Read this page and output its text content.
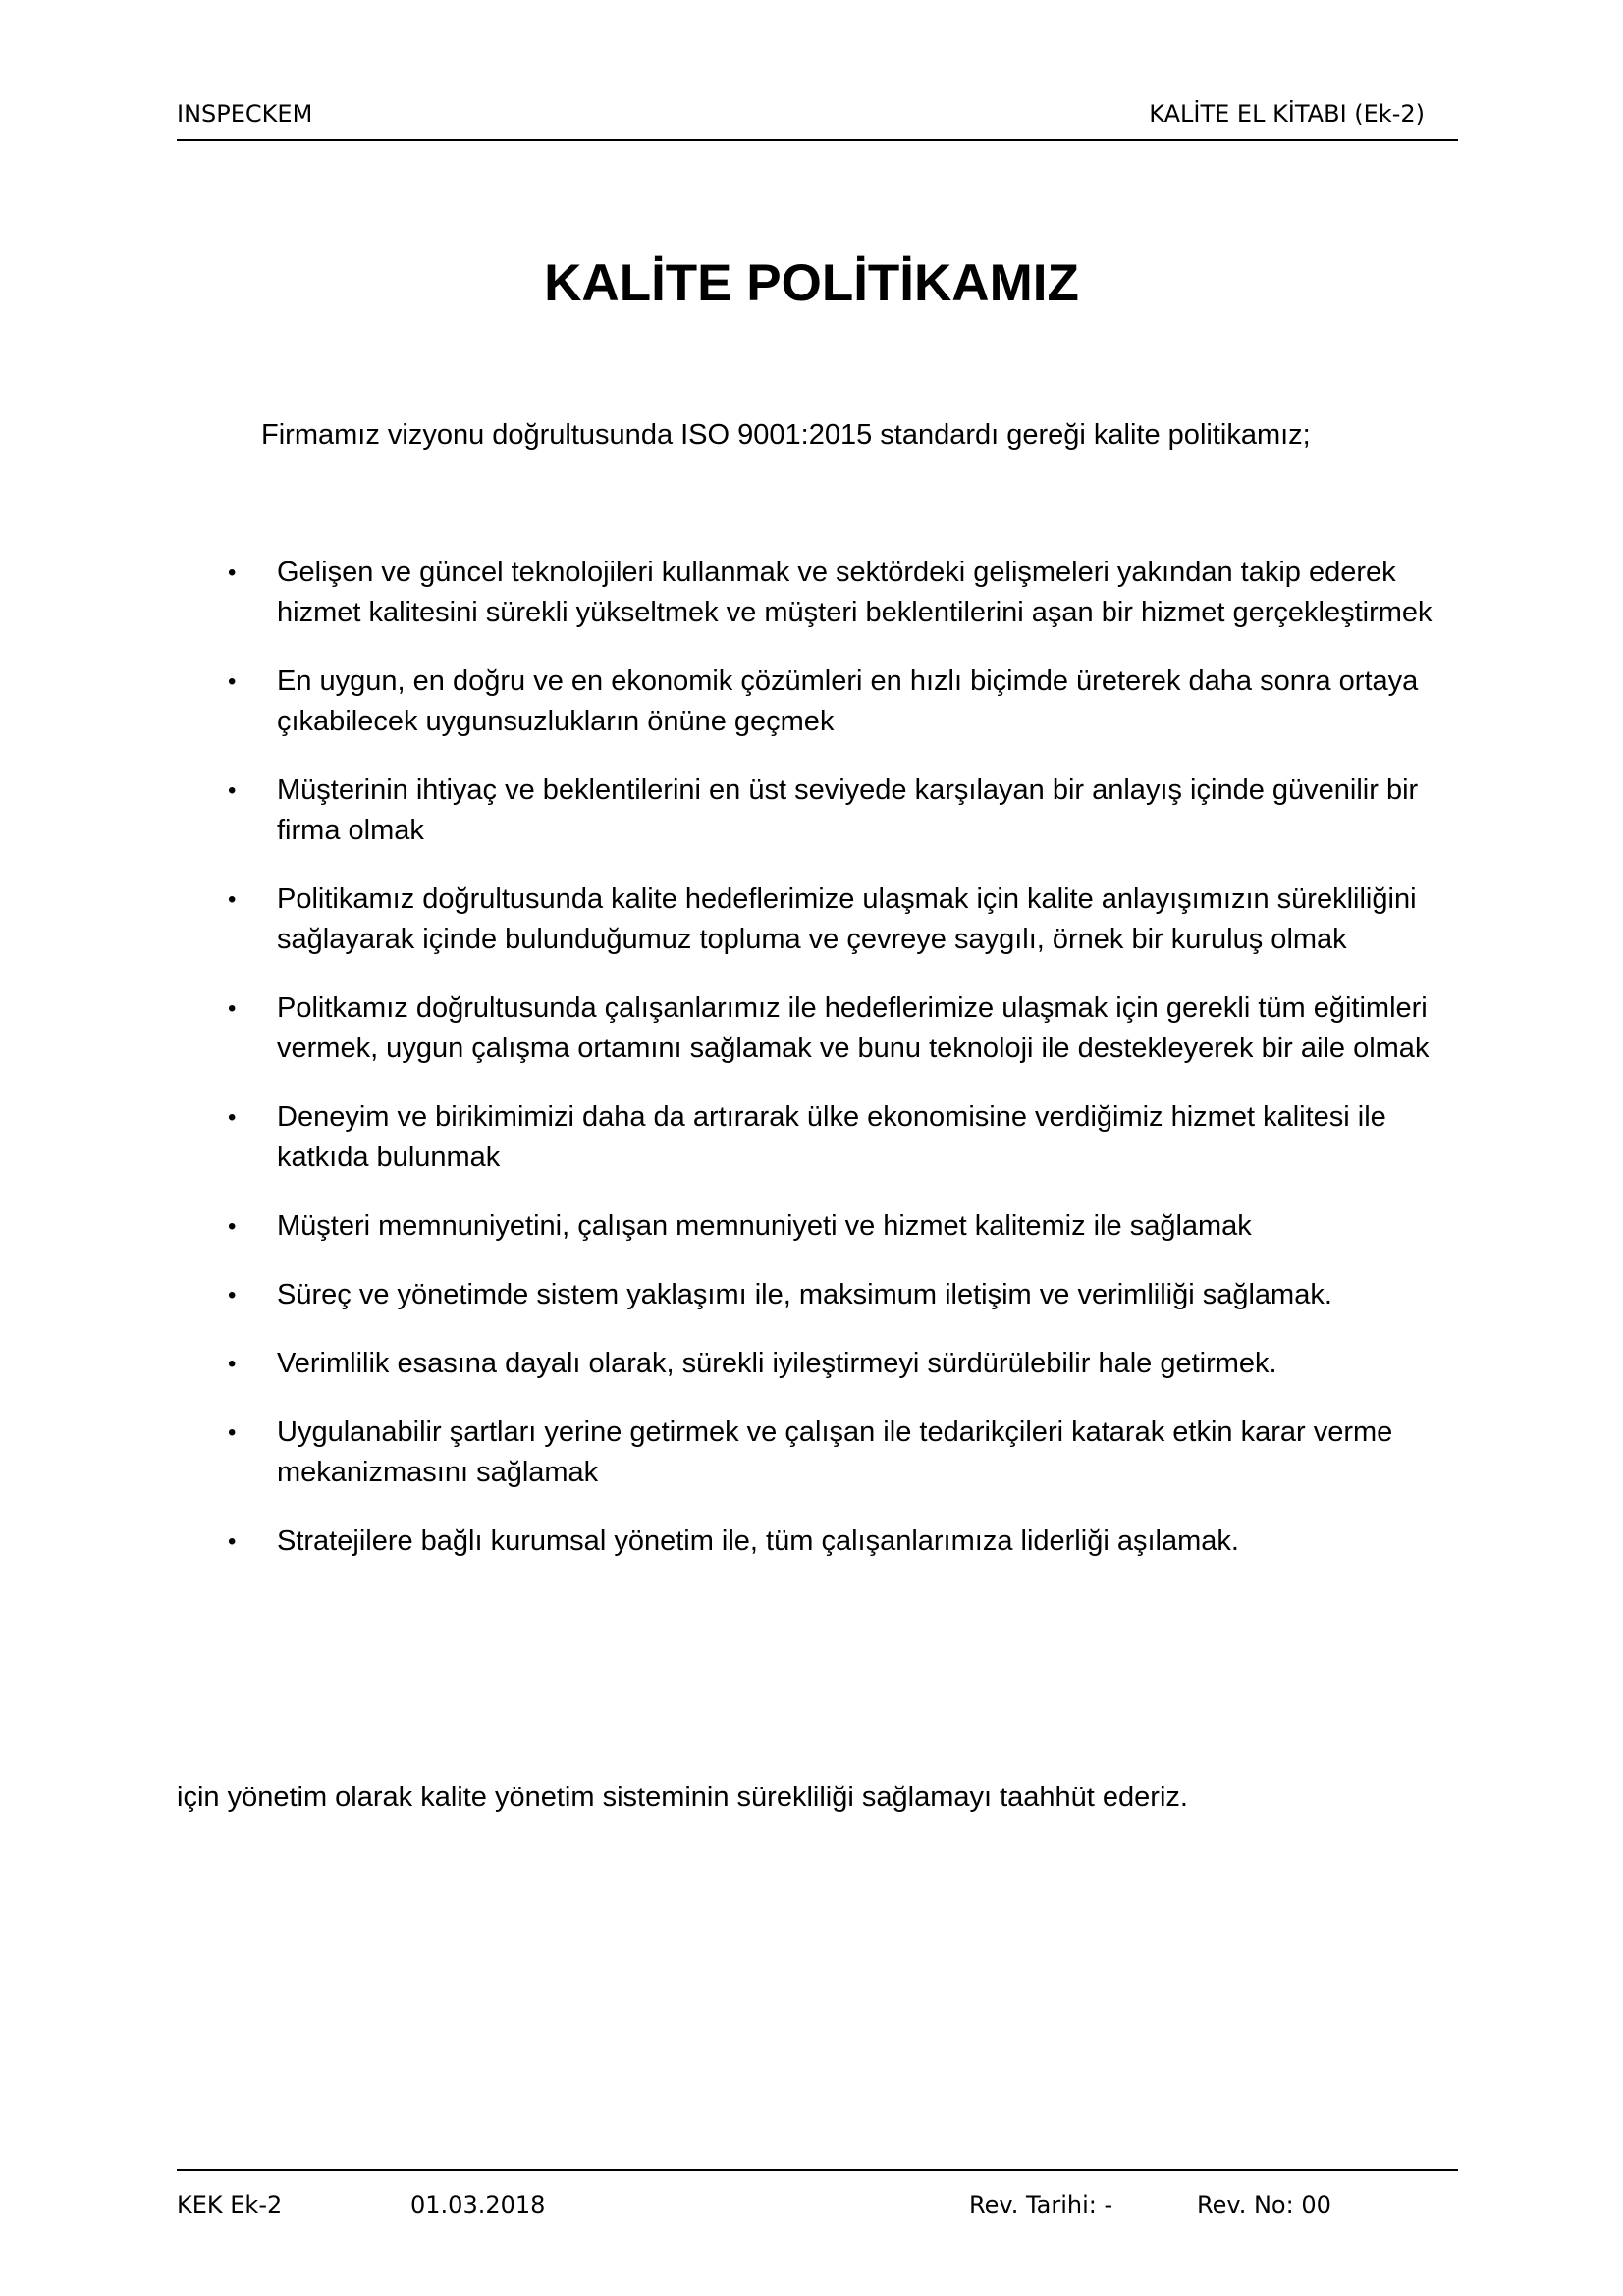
INSPECKEM	KALİTE EL KİTABI (Ek-2)
KALİTE POLİTİKAMIZ

Firmamız vizyonu doğrultusunda ISO 9001:2015 standardı gereği kalite politikamız;

• Gelişen ve güncel teknolojileri kullanmak ve sektördeki gelişmeleri yakından takip ederek hizmet kalitesini sürekli yükseltmek ve müşteri beklentilerini aşan bir hizmet gerçekleştirmek
• En uygun, en doğru ve en ekonomik çözümleri en hızlı biçimde üreterek daha sonra ortaya çıkabilecek uygunsuzlukların önüne geçmek
• Müşterinin ihtiyaç ve beklentilerini en üst seviyede karşılayan bir anlayış içinde güvenilir bir firma olmak
• Politikamız doğrultusunda kalite hedeflerimize ulaşmak için kalite anlayışımızın sürekliliğini sağlayarak içinde bulunduğumuz topluma ve çevreye saygılı, örnek bir kuruluş olmak
• Politkamız doğrultusunda çalışanlarımız ile hedeflerimize ulaşmak için gerekli tüm eğitimleri vermek, uygun çalışma ortamını sağlamak ve bunu teknoloji ile destekleyerek bir aile olmak
• Deneyim ve birikimimizi daha da artırarak ülke ekonomisine verdiğimiz hizmet kalitesi ile katkıda bulunmak
• Müşteri memnuniyetini, çalışan memnuniyeti ve hizmet kalitemiz ile sağlamak
• Süreç ve yönetimde sistem yaklaşımı ile, maksimum iletişim ve verimliliği sağlamak.
• Verimlilik esasına dayalı olarak, sürekli iyileştirmeyi sürdürülebilir hale getirmek.
• Uygulanabilir şartları yerine getirmek ve çalışan ile tedarikçileri katarak etkin karar verme mekanizmasını sağlamak
• Stratejilere bağlı kurumsal yönetim ile, tüm çalışanlarımıza liderliği aşılamak.

için yönetim olarak kalite yönetim sisteminin sürekliliği sağlamayı taahhüt ederiz.

KEK Ek-2	01.03.2018	Rev. Tarihi: -	Rev. No: 00
